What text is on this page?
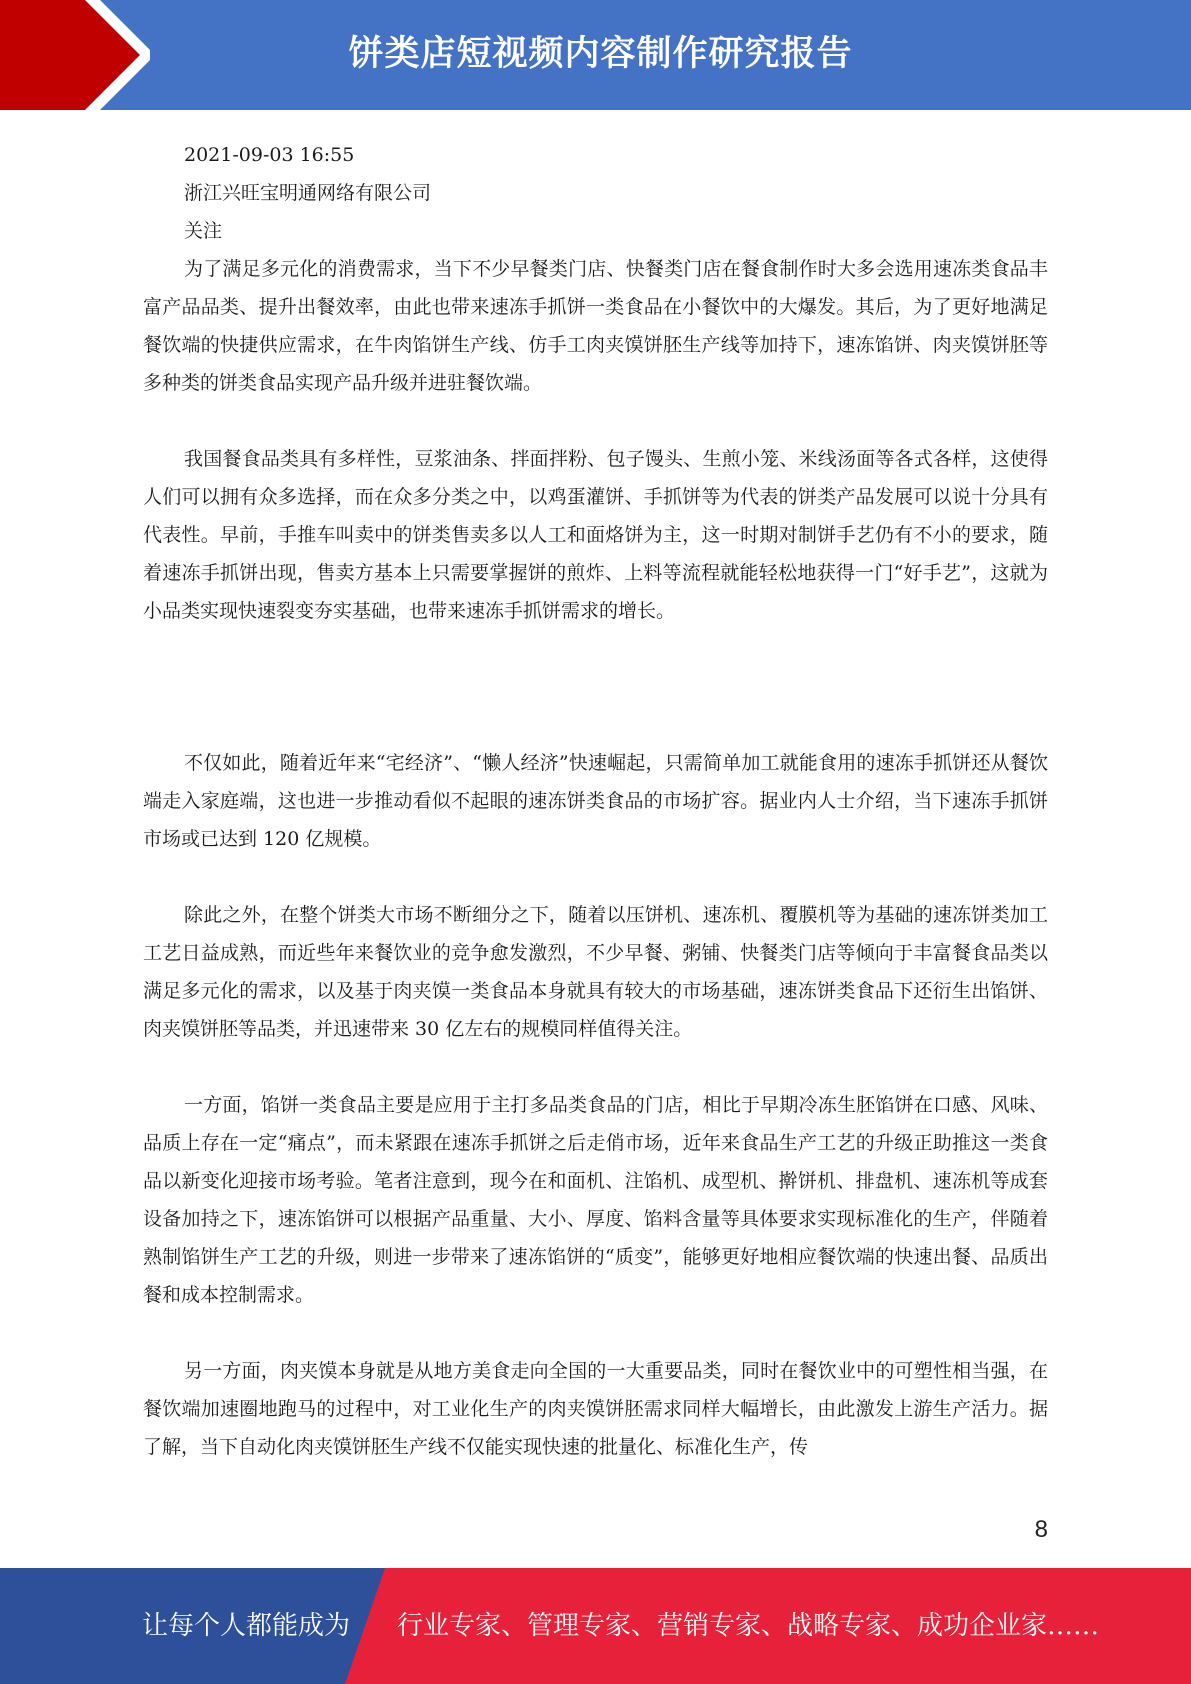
饼类店短视频内容制作研究报告
2021-09-03 16:55
浙江兴旺宝明通网络有限公司
关注

为了满足多元化的消费需求，当下不少早餐类门店、快餐类门店在餐食制作时大多会选用速冻类食品丰富产品品类、提升出餐效率，由此也带来速冻手抓饼一类食品在小餐饮中的大爆发。其后，为了更好地满足餐饮端的快捷供应需求，在牛肉馅饼生产线、仿手工肉夹馍饼胚生产线等加持下，速冻馅饼、肉夹馍饼胚等多种类的饼类食品实现产品升级并进驻餐饮端。

我国餐食品类具有多样性，豆浆油条、拌面拌粉、包子馒头、生煎小笼、米线汤面等各式各样，这使得人们可以拥有众多选择，而在众多分类之中，以鸡蛋灌饼、手抓饼等为代表的饼类产品发展可以说十分具有代表性。早前，手推车叫卖中的饼类售卖多以人工和面烙饼为主，这一时期对制饼手艺仍有不小的要求，随着速冻手抓饼出现，售卖方基本上只需要掌握饼的煎炸、上料等流程就能轻松地获得一门“好手艺”，这就为小品类实现快速裂变夯实基础，也带来速冻手抓饼需求的增长。

不仅如此，随着近年来“宅经济”、“懒人经济”快速崛起，只需简单加工就能食用的速冻手抓饼还从餐饮端走入家庭端，这也进一步推动看似不起眼的速冻饼类食品的市场扩容。据业内人士介绍，当下速冻手抓饼市场或已达到 120 亿规模。

除此之外，在整个饼类大市场不断细分之下，随着以压饼机、速冻机、覆膜机等为基础的速冻饼类加工工艺日益成熟，而近些年来餐饮业的竞争愈发激烈，不少早餐、粥铺、快餐类门店等倾向于丰富餐食品类以满足多元化的需求，以及基于肉夹馍一类食品本身就具有较大的市场基础，速冻饼类食品下还衍生出馅饼、肉夹馍饼胚等品类，并迅速带来 30 亿左右的规模同样值得关注。

一方面，馅饼一类食品主要是应用于主打多品类食品的门店，相比于早期冷冻生胚馅饼在口感、风味、品质上存在一定“痛点”，而未紧跟在速冻手抓饼之后走俏市场，近年来食品生产工艺的升级正助推这一类食品以新变化迎接市场考验。笔者注意到，现今在和面机、注馅机、成型机、擀饼机、排盘机、速冻机等成套设备加持之下，速冻馅饼可以根据产品重量、大小、厚度、馅料含量等具体要求实现标准化的生产，伴随着熟制馅饼生产工艺的升级，则进一步带来了速冻馅饼的“质变”，能够更好地相应餐饮端的快速出餐、品质出餐和成本控制需求。

另一方面，肉夹馍本身就是从地方美食走向全国的一大重要品类，同时在餐饮业中的可塑性相当强，在餐饮端加速圈地跑马的过程中，对工业化生产的肉夹馍饼胚需求同样大幅增长，由此激发上游生产活力。据了解，当下自动化肉夹馍饼胚生产线不仅能实现快速的批量化、标准化生产，传

8
让每个人都能成为 行业专家、管理专家、营销专家、战略专家、成功企业家……
